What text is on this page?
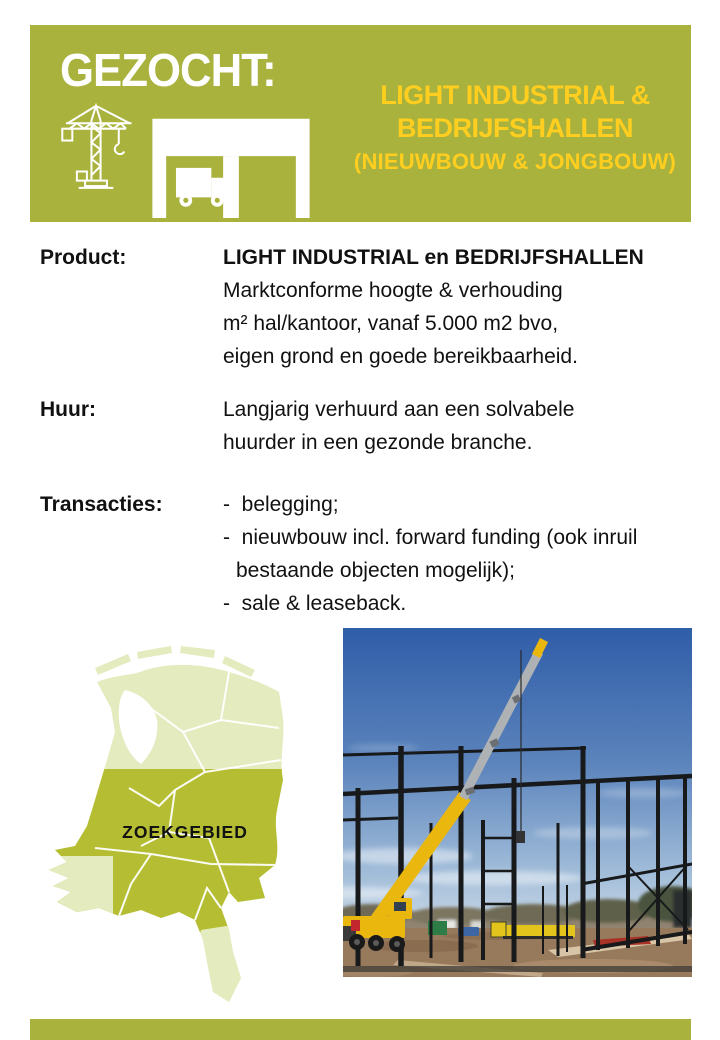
GEZOCHT:	LIGHT INDUSTRIAL &
BEDRIJFSHALLEN
(NIEUWBOUW & JONGBOUW)
Product:	LIGHT INDUSTRIAL en BEDRIJFSHALLEN
Marktconforme hoogte & verhouding
m² hal/kantoor, vanaf 5.000 m2 bvo,
eigen grond en goede bereikbaarheid.
Huur:	Langjarig verhuurd aan een solvabele
huurder in een gezonde branche.
Transacties:	-  belegging;
-  nieuwbouw incl. forward funding (ook inruil
bestaande objecten mogelijk);
-  sale & leaseback.
ZOEKGEBIED
